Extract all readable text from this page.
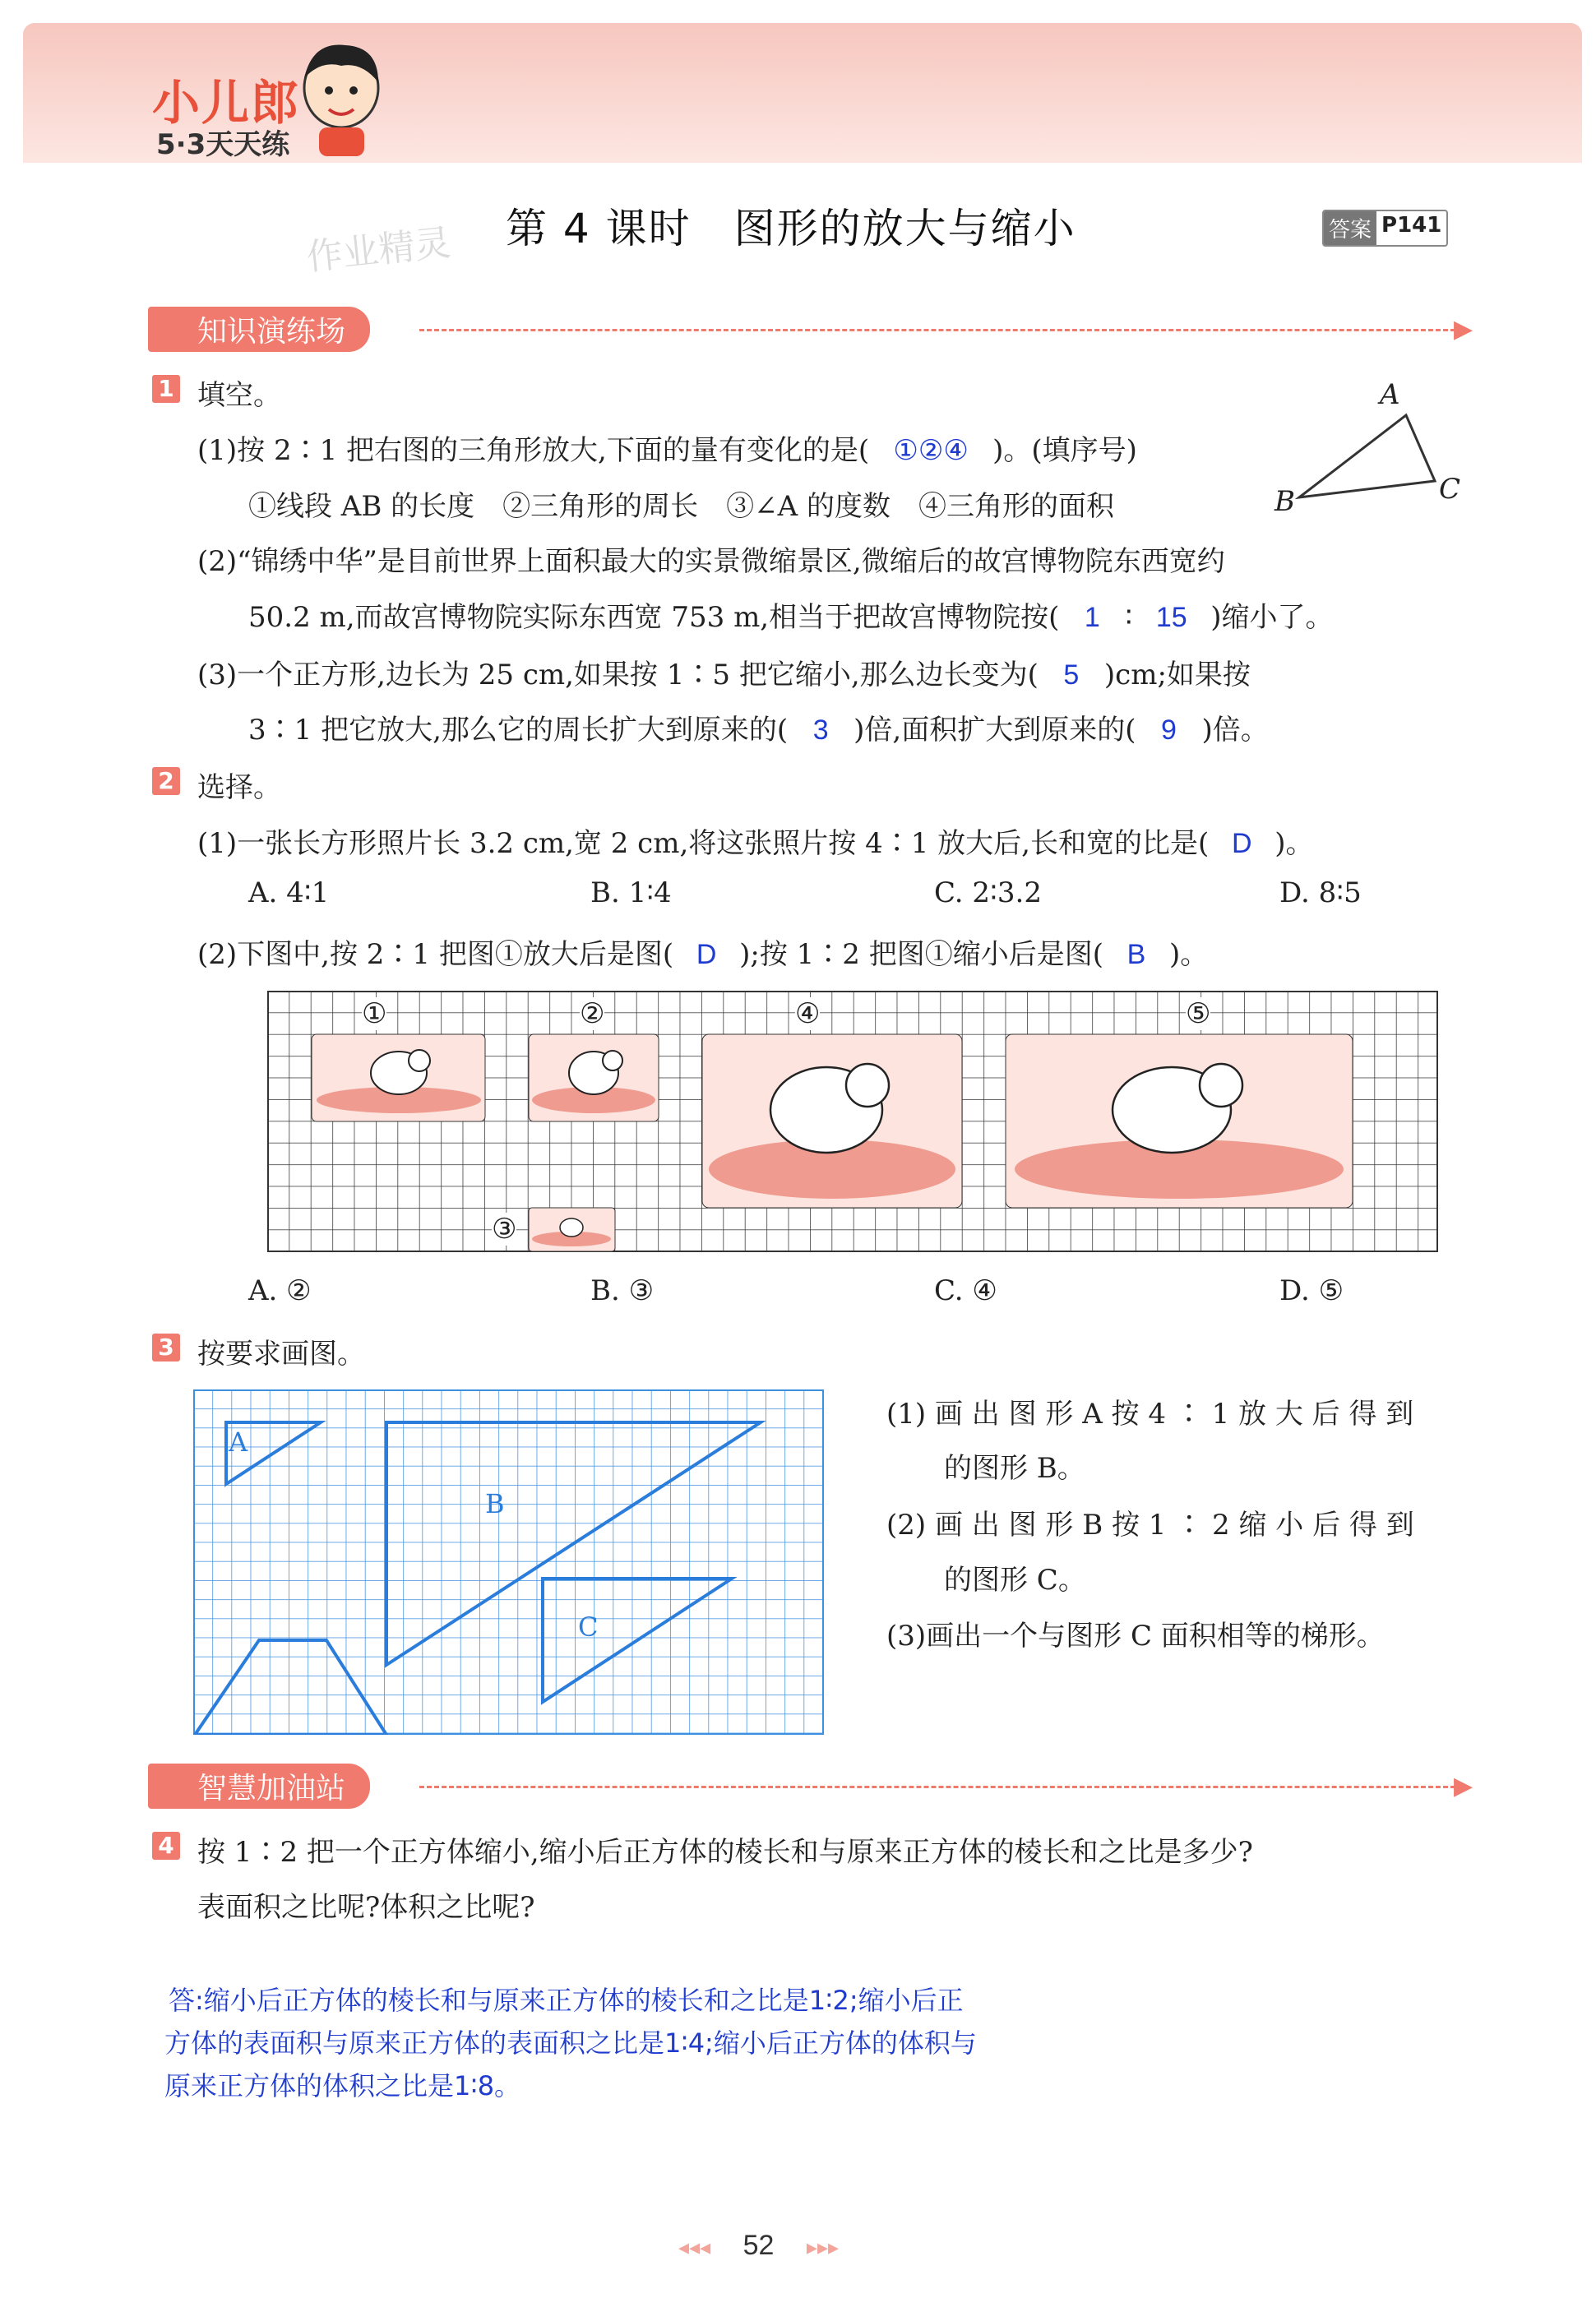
小儿郎
5·3天天练
第 4 课时　图形的放大与缩小
作业精灵	答案 P141
➤ 知识演练场	▶
1 填空。
(1)按 2∶1 把右图的三角形放大,下面的量有变化的是( ①②④ )。(填序号)
①线段 AB 的长度　②三角形的周长　③∠A 的度数　④三角形的面积
A
B	C
(2)“锦绣中华”是目前世界上面积最大的实景微缩景区,微缩后的故宫博物院东西宽约
50.2 m,而故宫博物院实际东西宽 753 m,相当于把故宫博物院按( 1 ∶ 15 )缩小了。
(3)一个正方形,边长为 25 cm,如果按 1∶5 把它缩小,那么边长变为( 5 )cm;如果按
3∶1 把它放大,那么它的周长扩大到原来的( 3 )倍,面积扩大到原来的( 9 )倍。
2 选择。
(1)一张长方形照片长 3.2 cm,宽 2 cm,将这张照片按 4∶1 放大后,长和宽的比是( D )。
A. 4∶1	B. 1∶4	C. 2∶3.2	D. 8∶5
(2)下图中,按 2∶1 把图①放大后是图( D );按 1∶2 把图①缩小后是图( B )。
①	②
③
④	⑤
A. ②	B. ③	C. ④	D. ⑤
3 按要求画图。
A
B
C
(1) 画 出 图 形 A 按 4 ∶ 1 放 大 后 得 到
的图形 B。
(2) 画 出 图 形 B 按 1 ∶ 2 缩 小 后 得 到
的图形 C。
(3)画出一个与图形 C 面积相等的梯形。
➤ 智慧加油站	▶
4 按 1∶2 把一个正方体缩小,缩小后正方体的棱长和与原来正方体的棱长和之比是多少?
表面积之比呢?体积之比呢?
答:缩小后正方体的棱长和与原来正方体的棱长和之比是1∶2;缩小后正
方体的表面积与原来正方体的表面积之比是1∶4;缩小后正方体的体积与
原来正方体的体积之比是1∶8。
◂◂◂ 52 ▸▸▸
